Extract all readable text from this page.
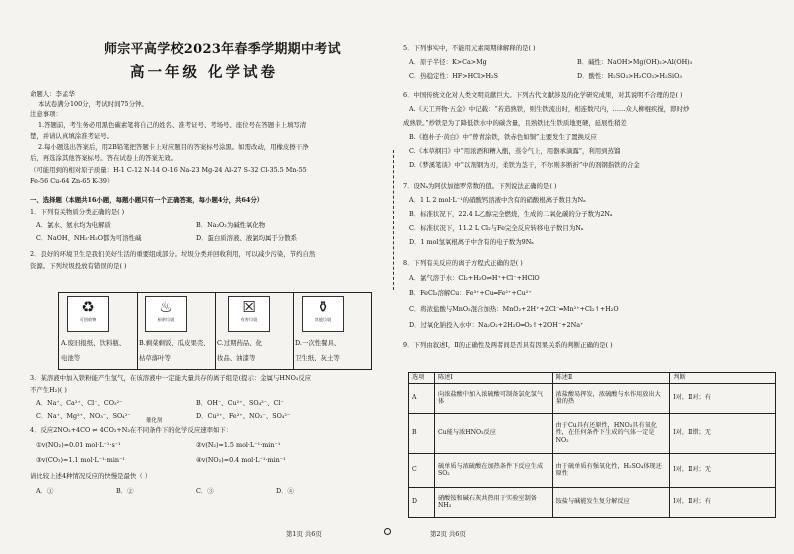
师宗平高学校2023年春季学期期中考试
高一年级 化学试卷
命题人：李孟华
本试卷满分100分，考试时间75分钟。
注意事项：
1.答题前，考生务必用黑色碳素笔将自己的姓名、准考证号、考场号、座位号在答题卡上填写清
楚，并请认真填涂准考证号。
2.每小题选出答案后，用2B铅笔把答题卡上对应题目的答案标号涂黑。如需改动，用橡皮擦干净
后，再选涂其他答案标号。答在试卷上的答案无效。
（可能用到的相对原子质量：H-1 C-12 N-14 O-16 Na-23 Mg-24 Al-27 S-32 Cl-35.5 Mn-55
Fe-56 Cu-64 Zn-65 K-39）
一、选择题（本题共16小题，每题小题只有一个正确答案，每小题4分，共64分）
1．下列有关物质分类正确的是( )
A．氯水、氨水均为电解质	B．Na₂O₂为碱性氧化物
C．NaOH、NH₃·H₂O都为可溶性碱	D．蛋白质溶液、液氯均属于分散系
2．良好的环境卫生是我们美好生活的重要组成部分。垃圾分类并回收利用，可以减少污染，节约自然
资源。下列垃圾投放有错误的是( )
♻
可回收物
♨
厨余垃圾
☒
有害垃圾
⚱
其他垃圾
A.废旧报纸、饮料瓶、
电池等
B.剩菜剩饭、瓜皮果壳、
枯草落叶等
C.过期药品、化
妆品、油漆等
D.一次性餐具、
卫生纸、灰土等
3．某溶液中加入铁粉能产生氢气，在该溶液中一定能大量共存的离子组是(提示：金属与HNO₃反应
不产生H₂)( )
A．Na⁺、Ca²⁺、Cl⁻、CO₃²⁻	B．OH⁻、Cu²⁺、SO₄²⁻、Cl⁻
C．Na⁺、Mg²⁺、NO₃⁻、SO₄²⁻	D．Cu²⁺、Fe²⁺、NO₃⁻、SO₄²⁻
催化剂
4．反应2NO₂+4CO ⇌ 4CO₂+N₂在不同条件下的化学反应速率如下：
①v(NO₂)=0.01 mol·L⁻¹·s⁻¹	②v(N₂)=1.5 mol·L⁻¹·min⁻¹
③v(CO₂)=1.1 mol·L⁻¹·min⁻¹	④v(NO₂)=0.4 mol·L⁻¹·min⁻¹
请比较上述4种情况反应的快慢是最快（ ）
A．①	B．②	C．③	D．④
第1页 共6页
5．下列事实中，不能用元素周期律解释的是( )
A．原子半径：K>Ca>Mg	B．碱性：NaOH>Mg(OH)₂>Al(OH)₃
C．热稳定性：HF>HCl>H₂S	D．酸性：H₂SO₃>H₂CO₃>H₂SiO₃
6．中国传统文化对人类文明贡献巨大。下列古代文献涉及的化学研究成果，对其说明不合理的是( )
A.《天工开物·五金》中记载：“若造熟铁，则生铁流出时，相连数尺内，……众人柳棍疾搅，即时炒
成熟铁。”炒铁是为了降低铁水中的碳含量，且熟铁比生铁质地更硬，延展性稍差
B.《抱朴子·黄白》中“曾青涂铁，铁赤色如铜”主要发生了置换反应
C.《本草纲目》中“用浓酒和糟入甑，蒸令气上，用器承滴露”，利用到蒸馏
D.《梦溪笔谈》中“以剂钢为刃，柔铁为茎干，不尔则多断折”中的剂钢指铁的合金
7．设Nₐ为阿伏加德罗常数的值。下列说法正确的是( )
A．1 L 2 mol·L⁻¹的硝酸钙溶液中含有的硝酸根离子数目为Nₐ
B．标准状况下，22.4 L乙醇完全燃烧，生成的二氧化碳的分子数为2Nₐ
C．标准状况下，11.2 L Cl₂与Fe完全反应转移电子数目为Nₐ
D．1 mol氢氧根离子中含有的电子数为9Nₐ
8．下列有关反应的离子方程式正确的是( )
A．氯气溶于水：Cl₂+H₂O⇌H⁺+Cl⁻+HClO
B．FeCl₃溶解Cu：Fe³⁺+Cu═Fe²⁺+Cu²⁺
C．将浓盐酸与MnO₂混合加热：MnO₂+2H⁺+2Cl⁻═Mn²⁺+Cl₂↑+H₂O
D．过氧化钠投入水中：Na₂O₂+2H₂O═O₂↑+2OH⁻+2Na⁺
9．下列由叙述Ⅰ，Ⅱ的正确性及两者间是否具有因果关系的判断正确的是( )
选项	陈述Ⅰ	陈述Ⅱ	判断
A	向浓盐酸中加入浓硫酸可制备氯化氢气体	浓盐酸易挥发，浓硫酸与水作用放出大量的热	Ⅰ对，Ⅱ对；有
B	Cu能与浓HNO₃反应	由于Cu具有还原性，HNO₃具有氧化性，在任何条件下生成的气体一定是NO₂	Ⅰ对，Ⅱ错；无
C	硫单质与浓硫酸在加热条件下反应生成SO₂	由于硫单质有强氧化性，H₂SO₄体现还原性	Ⅰ对，Ⅱ对；无
D	硝酸铵和碱石灰共热用于实验室制备NH₃	铵盐与碱能发生复分解反应	Ⅰ对，Ⅱ对；有
第2页 共6页
